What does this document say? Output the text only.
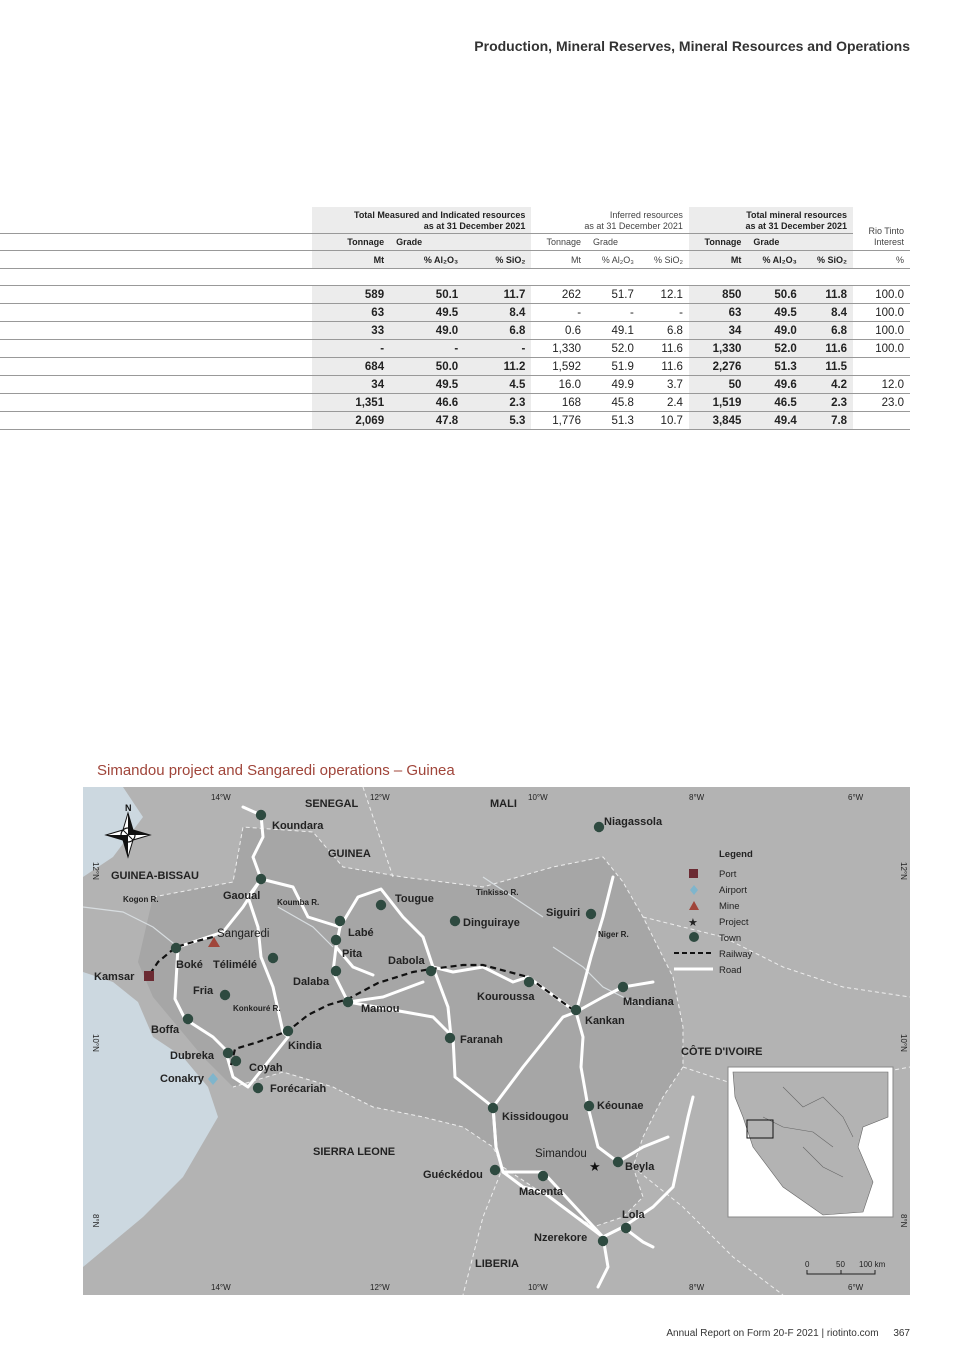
Production, Mineral Reserves, Mineral Resources and Operations
	Total Measured and Indicated resources
as at 31 December 2021			Inferred resources
as at 31 December 2021			Total mineral resources
as at 31 December 2021			Rio Tinto
Interest
	Tonnage	Grade		Tonnage	Grade		Tonnage	Grade		
	Mt	% Al₂O₃	% SiO₂	Mt	% Al₂O₃	% SiO₂	Mt	% Al₂O₃	% SiO₂	%

	589	50.1	11.7	262	51.7	12.1	850	50.6	11.8	100.0
	63	49.5	8.4	-	-	-	63	49.5	8.4	100.0
	33	49.0	6.8	0.6	49.1	6.8	34	49.0	6.8	100.0
	-	-	-	1,330	52.0	11.6	1,330	52.0	11.6	100.0
	684	50.0	11.2	1,592	51.9	11.6	2,276	51.3	11.5	
	34	49.5	4.5	16.0	49.9	3.7	50	49.6	4.2	12.0
	1,351	46.6	2.3	168	45.8	2.4	1,519	46.5	2.3	23.0
	2,069	47.8	5.3	1,776	51.3	10.7	3,845	49.4	7.8	
Simandou project and Sangaredi operations – Guinea
SENEGAL	MALI
GUINEA
GUINEA-BISSAU
SIERRA LEONE
LIBERIA
CÔTE D'IVOIRE
Kogon R.	Koumba R.
Tinkisso R.
Niger R.
Konkouré R.
14°W	12°W	10°W	8°W	6°W
14°W	12°W	10°W	8°W	6°W
12°N
10°N
8°N
12°N
10°N
8°N
Koundara	Niagassola
Gaoual	Tougue
Labé
Dinguiraye
Siguiri
Pita
Dabola
Boké Télimélé
Dalaba
Kouroussa	Mandiana
Fria
Mamou
Kankan
Boffa
Kindia	Faranah
Dubreka
Coyah
Forécariah
Kissidougou
Kéounae
Beyla
Guéckédou
Macenta
Lola
Nzerekore
Kamsar
Conakry
Sangaredi
★
Simandou
N
Legend
Port
Airport
Mine
★ Project
Town
Railway
Road
0	50 100 km
Annual Report on Form 20-F 2021 | riotinto.com 367
